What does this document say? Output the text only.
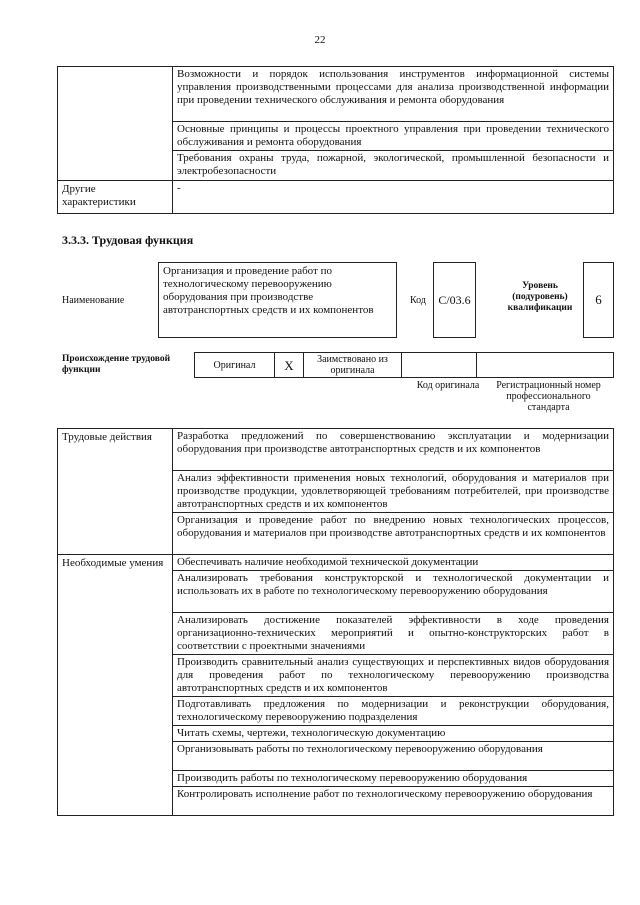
22
	Возможности и порядок использования инструментов информационной системы управления производственными процессами для анализа производственной информации при проведении технического обслуживания и ремонта оборудования
	Основные принципы и процессы проектного управления при проведении технического обслуживания и ремонта оборудования
	Требования охраны труда, пожарной, экологической, промышленной безопасности и электробезопасности
Другие характеристики	-
3.3.3. Трудовая функция
Наименование
Организация и проведение работ по технологическому перевооружению оборудования при производстве автотранспортных средств и их компонентов
Код	C/03.6
Уровень (подуровень) квалификации
6
Происхождение трудовой функции	Оригинал	X	Заимствовано из оригинала
Код оригинала	Регистрационный номер профессионального стандарта
Трудовые действия	Разработка предложений по совершенствованию эксплуатации и модернизации оборудования при производстве автотранспортных средств и их компонентов
	Анализ эффективности применения новых технологий, оборудования и материалов при производстве продукции, удовлетворяющей требованиям потребителей, при производстве автотранспортных средств и их компонентов
	Организация и проведение работ по внедрению новых технологических процессов, оборудования и материалов при производстве автотранспортных средств и их компонентов
Необходимые умения	Обеспечивать наличие необходимой технической документации
	Анализировать требования конструкторской и технологической документации и использовать их в работе по технологическому перевооружению оборудования
	Анализировать достижение показателей эффективности в ходе проведения организационно-технических мероприятий и опытно-конструкторских работ в соответствии с проектными значениями
	Производить сравнительный анализ существующих и перспективных видов оборудования для проведения работ по технологическому перевооружению производства автотранспортных средств и их компонентов
	Подготавливать предложения по модернизации и реконструкции оборудования, технологическому перевооружению подразделения
	Читать схемы, чертежи, технологическую документацию
	Организовывать работы по технологическому перевооружению оборудования
	Производить работы по технологическому перевооружению оборудования
	Контролировать исполнение работ по технологическому перевооружению оборудования
